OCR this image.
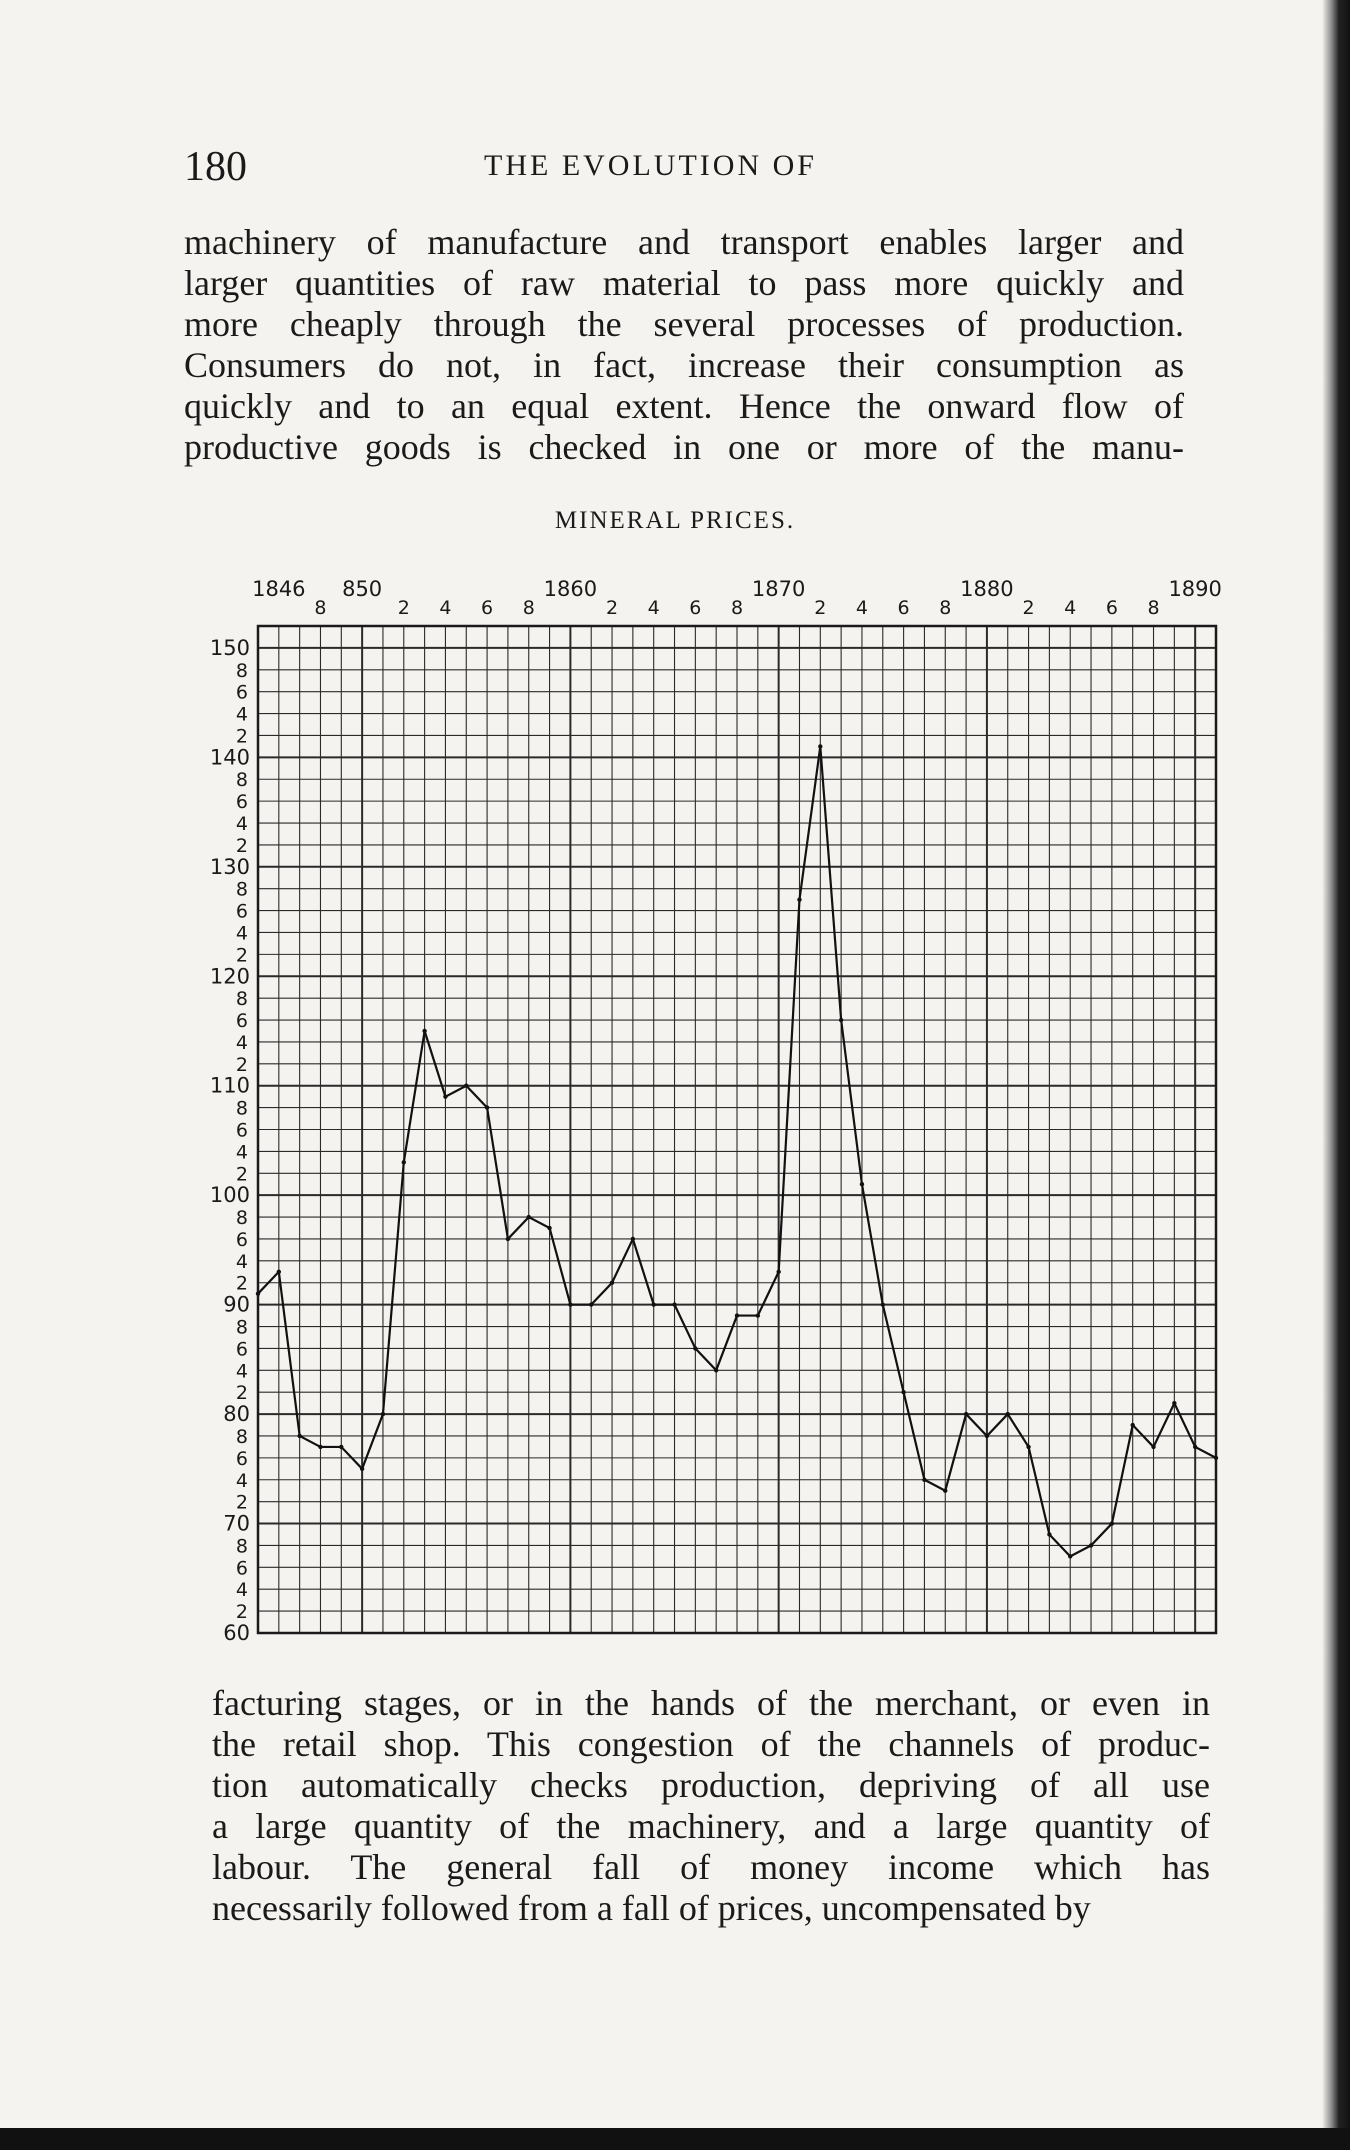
180	THE EVOLUTION OF
machinery of manufacture and transport enables larger and
larger quantities of raw material to pass more quickly and
more cheaply through the several processes of production.
Consumers do not, in fact, increase their consumption as
quickly and to an equal extent. Hence the onward flow of
productive goods is checked in one or more of the manu-
MINERAL PRICES.
1846
8
850
2 4 6 8
1860
2 4 6 8
1870
2 4 6 8
1880
2 4 6 8
1890
150
8
6
4
2
140
8
6
4
2
130
8
6
4
2
120
8
6
4
2
110
8
6
4
2
100
8
6
4
2
90
8
6
4
2
80
8
6
4
2
70
8
6
4
2
60
facturing stages, or in the hands of the merchant, or even in
the retail shop. This congestion of the channels of produc-
tion automatically checks production, depriving of all use
a large quantity of the machinery, and a large quantity of
labour. The general fall of money income which has
necessarily followed from a fall of prices, uncompensated by
